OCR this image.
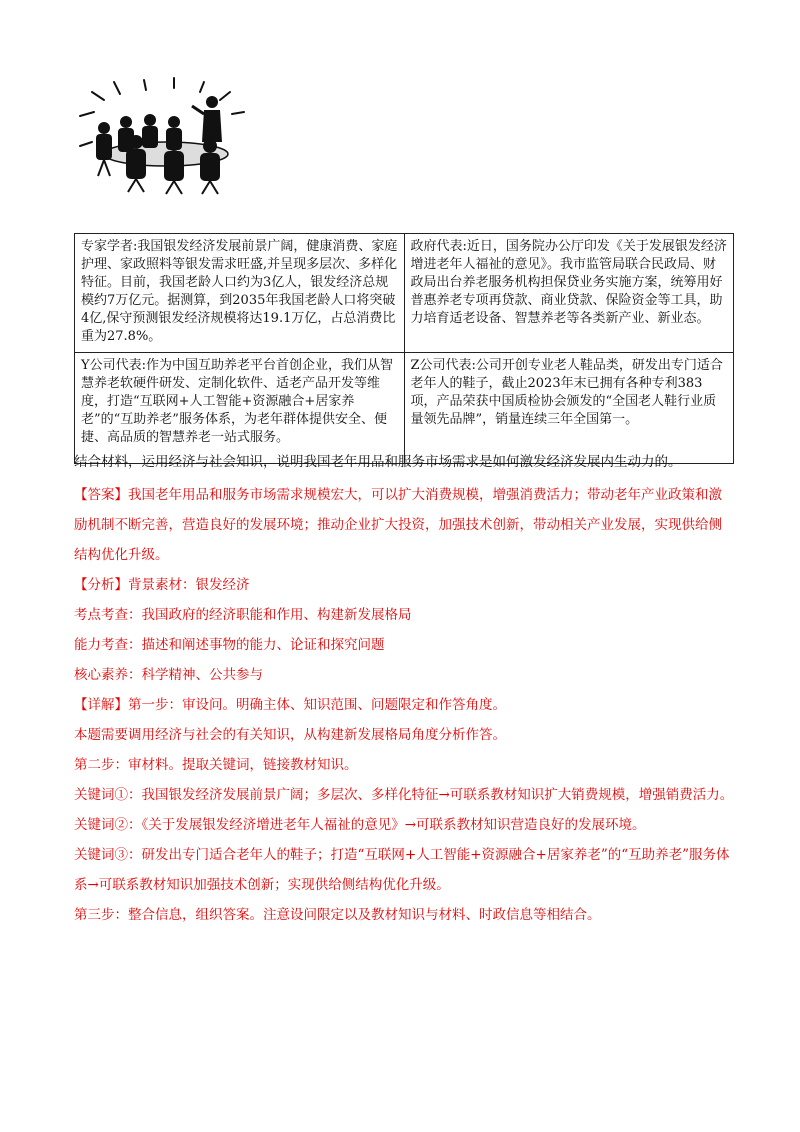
专家学者:我国银发经济发展前景广阔，健康消费、家庭护理、家政照料等银发需求旺盛,并呈现多层次、多样化特征。目前，我国老龄人口约为3亿人，银发经济总规模约7万亿元。据测算，到2035年我国老龄人口将突破4亿,保守预测银发经济规模将达19.1万亿，占总消费比重为27.8%。	政府代表:近日，国务院办公厅印发《关于发展银发经济增进老年人福祉的意见》。我市监管局联合民政局、财政局出台养老服务机构担保贷业务实施方案，统筹用好普惠养老专项再贷款、商业贷款、保险资金等工具，助力培育适老设备、智慧养老等各类新产业、新业态。
Y公司代表:作为中国互助养老平台首创企业，我们从智慧养老软硬件研发、定制化软件、适老产品开发等维度，打造“互联网+人工智能+资源融合+居家养老”的“互助养老”服务体系，为老年群体提供安全、便捷、高品质的智慧养老一站式服务。	Z公司代表:公司开创专业老人鞋品类，研发出专门适合老年人的鞋子，截止2023年末已拥有各种专利383项，产品荣获中国质检协会颁发的“全国老人鞋行业质量领先品牌”，销量连续三年全国第一。
结合材料，运用经济与社会知识，说明我国老年用品和服务市场需求是如何激发经济发展内生动力的。

【答案】我国老年用品和服务市场需求规模宏大，可以扩大消费规模，增强消费活力；带动老年产业政策和激励机制不断完善，营造良好的发展环境；推动企业扩大投资，加强技术创新，带动相关产业发展，实现供给侧结构优化升级。

【分析】背景素材：银发经济

考点考查：我国政府的经济职能和作用、构建新发展格局

能力考查：描述和阐述事物的能力、论证和探究问题

核心素养：科学精神、公共参与

【详解】第一步：审设问。明确主体、知识范围、问题限定和作答角度。

本题需要调用经济与社会的有关知识，从构建新发展格局角度分析作答。

第二步：审材料。提取关键词，链接教材知识。

关键词①：我国银发经济发展前景广阔；多层次、多样化特征→可联系教材知识扩大销费规模，增强销费活力。

关键词②：《关于发展银发经济增进老年人福祉的意见》→可联系教材知识营造良好的发展环境。

关键词③：研发出专门适合老年人的鞋子；打造“互联网+人工智能+资源融合+居家养老”的“互助养老”服务体系→可联系教材知识加强技术创新；实现供给侧结构优化升级。

第三步：整合信息，组织答案。注意设问限定以及教材知识与材料、时政信息等相结合。
